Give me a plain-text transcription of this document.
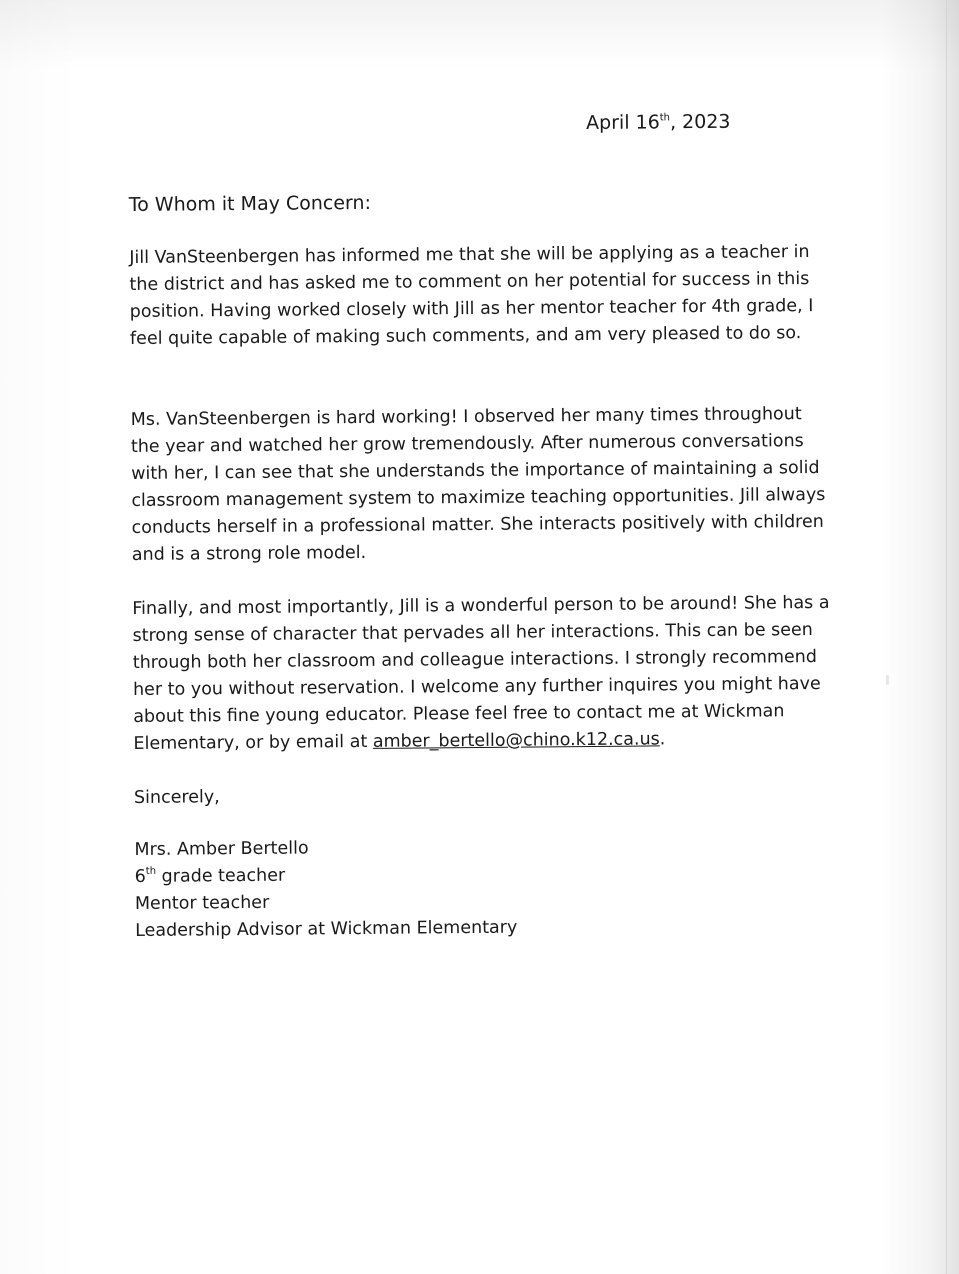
April 16th, 2023
To Whom it May Concern:
Jill VanSteenbergen has informed me that she will be applying as a teacher in the district and has asked me to comment on her potential for success in this position. Having worked closely with Jill as her mentor teacher for 4th grade, I feel quite capable of making such comments, and am very pleased to do so.
Ms. VanSteenbergen is hard working! I observed her many times throughout the year and watched her grow tremendously. After numerous conversations with her, I can see that she understands the importance of maintaining a solid classroom management system to maximize teaching opportunities. Jill always conducts herself in a professional matter. She interacts positively with children and is a strong role model.
Finally, and most importantly, Jill is a wonderful person to be around! She has a strong sense of character that pervades all her interactions. This can be seen through both her classroom and colleague interactions. I strongly recommend her to you without reservation. I welcome any further inquires you might have about this fine young educator. Please feel free to contact me at Wickman Elementary, or by email at amber_bertello@chino.k12.ca.us.
Sincerely,
Mrs. Amber Bertello
6th grade teacher
Mentor teacher
Leadership Advisor at Wickman Elementary
